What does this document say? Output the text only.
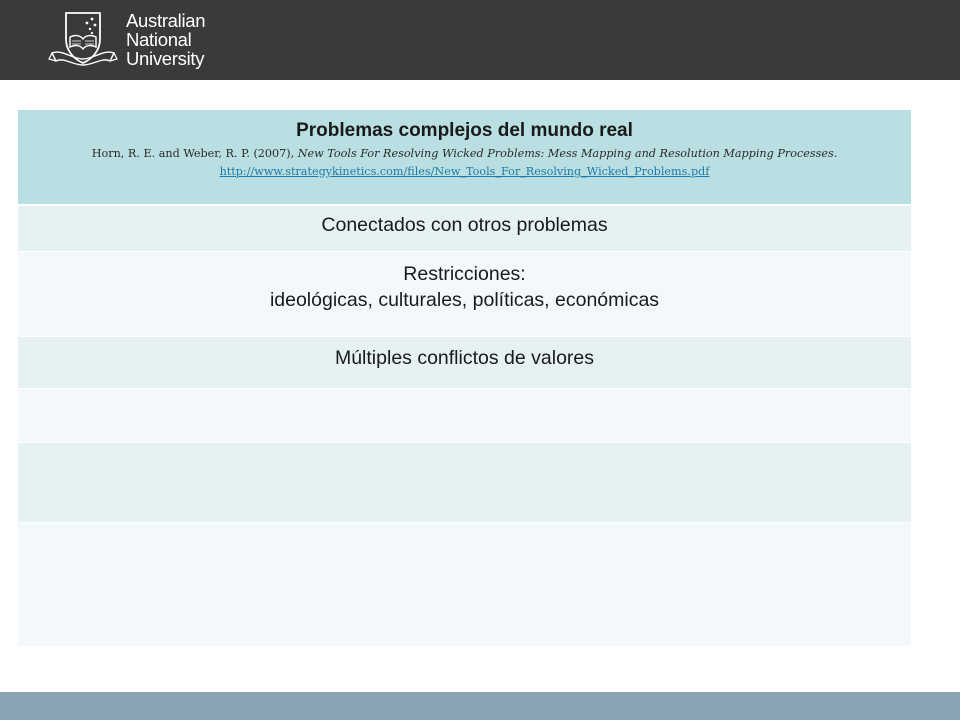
Australian
National
University
Problemas complejos del mundo real
Horn, R. E. and Weber, R. P. (2007), New Tools For Resolving Wicked Problems: Mess Mapping and Resolution Mapping Processes.
http://www.strategykinetics.com/files/New_Tools_For_Resolving_Wicked_Problems.pdf
Conectados con otros problemas
Restricciones:
ideológicas, culturales, políticas, económicas
Múltiples conflictos de valores
